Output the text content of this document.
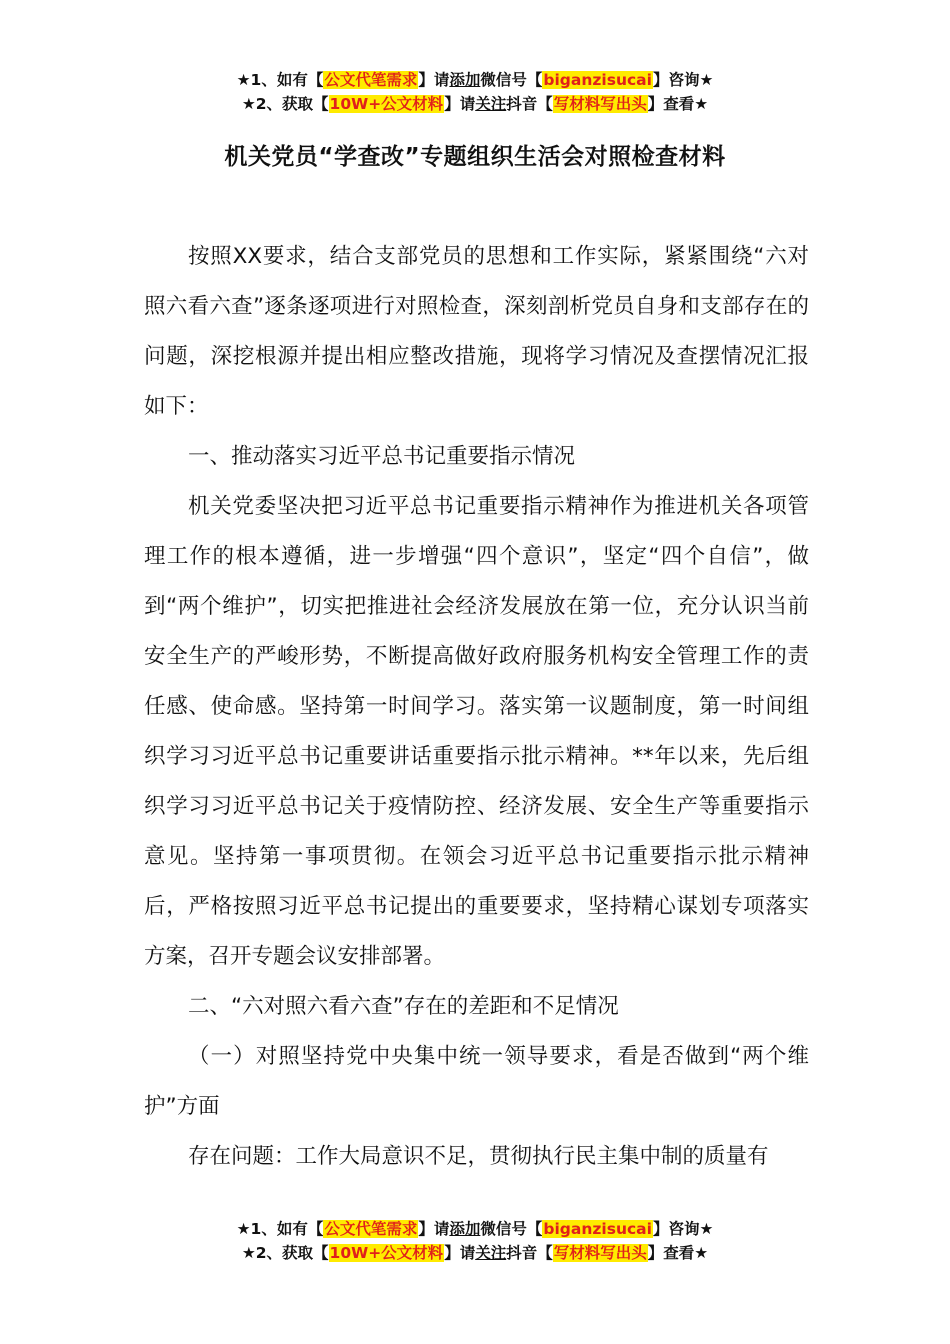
★1、如有【公文代笔需求】请添加微信号【biganzisucai】咨询★
★2、获取【10W+公文材料】请关注抖音【写材料写出头】查看★
机关党员“学查改”专题组织生活会对照检查材料

按照XX要求，结合支部党员的思想和工作实际，紧紧围绕“六对照六看六查”逐条逐项进行对照检查，深刻剖析党员自身和支部存在的问题，深挖根源并提出相应整改措施，现将学习情况及查摆情况汇报如下：

一、推动落实习近平总书记重要指示情况

机关党委坚决把习近平总书记重要指示精神作为推进机关各项管理工作的根本遵循，进一步增强“四个意识”，坚定“四个自信”，做到“两个维护”，切实把推进社会经济发展放在第一位，充分认识当前安全生产的严峻形势，不断提高做好政府服务机构安全管理工作的责任感、使命感。坚持第一时间学习。落实第一议题制度，第一时间组织学习习近平总书记重要讲话重要指示批示精神。**年以来，先后组织学习习近平总书记关于疫情防控、经济发展、安全生产等重要指示意见。坚持第一事项贯彻。在领会习近平总书记重要指示批示精神后，严格按照习近平总书记提出的重要要求，坚持精心谋划专项落实方案，召开专题会议安排部署。

二、“六对照六看六查”存在的差距和不足情况

（一）对照坚持党中央集中统一领导要求，看是否做到“两个维护”方面

存在问题：工作大局意识不足，贯彻执行民主集中制的质量有

★1、如有【公文代笔需求】请添加微信号【biganzisucai】咨询★
★2、获取【10W+公文材料】请关注抖音【写材料写出头】查看★
